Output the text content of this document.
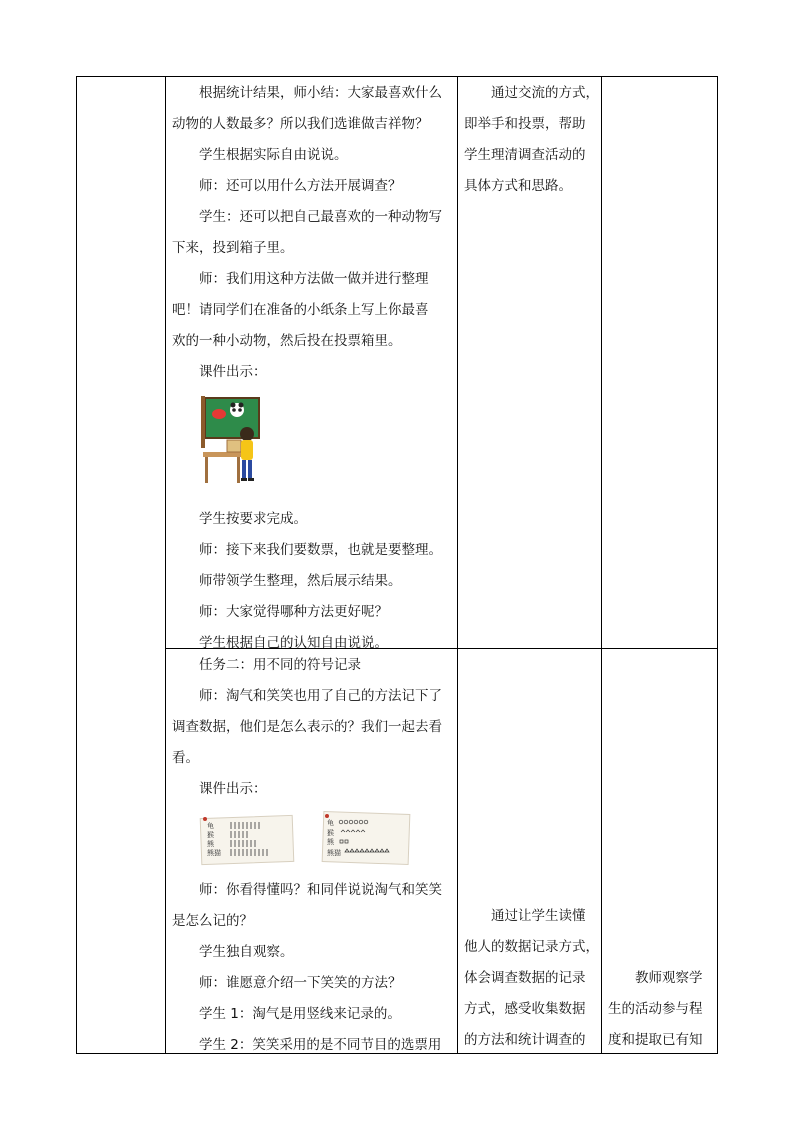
根据统计结果，师小结：大家最喜欢什么

动物的人数最多？所以我们选谁做吉祥物？

学生根据实际自由说说。

师：还可以用什么方法开展调查？

学生：还可以把自己最喜欢的一种动物写

下来，投到箱子里。

师：我们用这种方法做一做并进行整理

吧！请同学们在准备的小纸条上写上你最喜

欢的一种小动物，然后投在投票箱里。

课件出示：

学生按要求完成。

师：接下来我们要数票，也就是要整理。

师带领学生整理，然后展示结果。

师：大家觉得哪种方法更好呢？

学生根据自己的认知自由说说。

通过交流的方式，

即举手和投票，帮助

学生理清调查活动的

具体方式和思路。

任务二：用不同的符号记录

师：淘气和笑笑也用了自己的方法记下了

调查数据，他们是怎么表示的？我们一起去看

看。

课件出示：

龟
猴
熊
熊猫
龟
猴
熊
熊猫

师：你看得懂吗？和同伴说说淘气和笑笑

是怎么记的？

学生独自观察。

师：谁愿意介绍一下笑笑的方法？

学生 1：淘气是用竖线来记录的。

学生 2：笑笑采用的是不同节目的选票用

通过让学生读懂

他人的数据记录方式，

体会调查数据的记录

方式，感受收集数据

的方法和统计调查的

教师观察学

生的活动参与程

度和提取已有知
